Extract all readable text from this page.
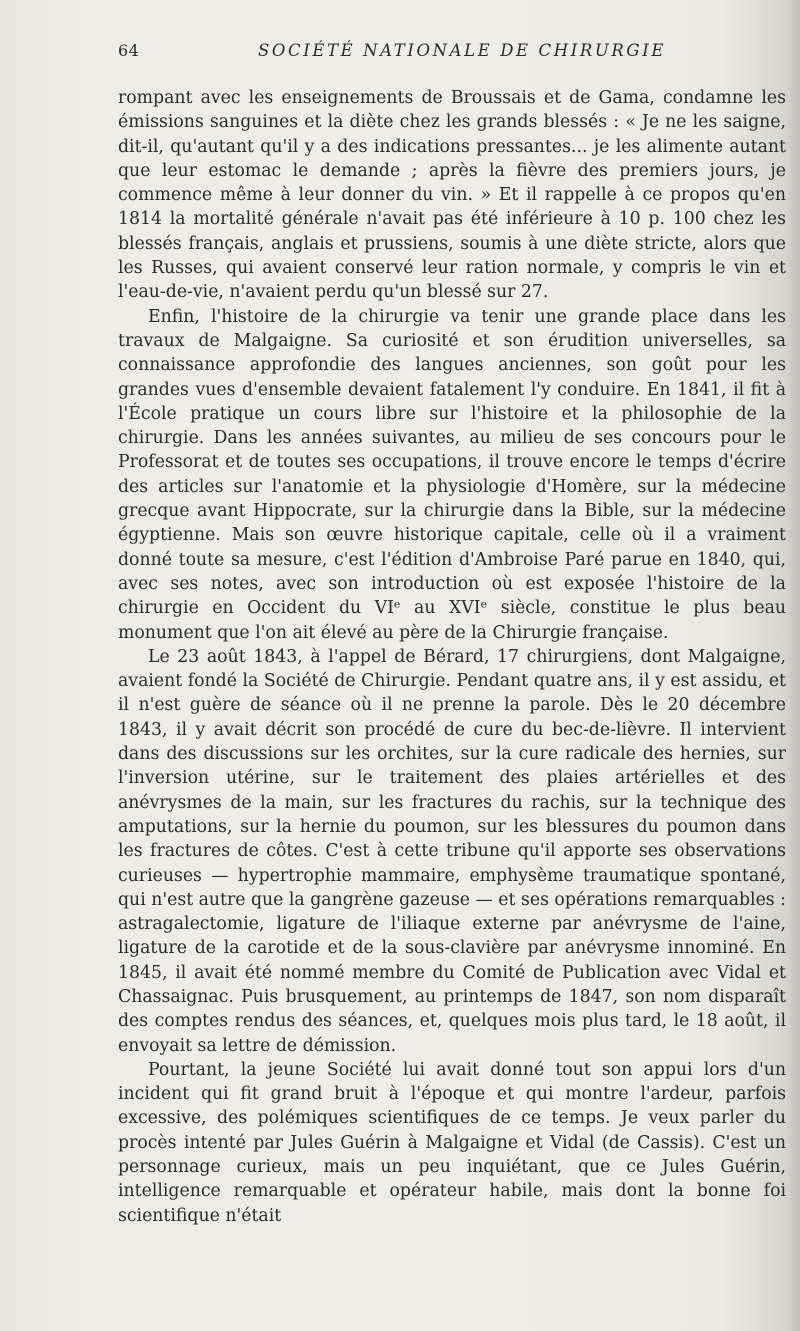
64	SOCIÉTÉ NATIONALE DE CHIRURGIE

rompant avec les enseignements de Broussais et de Gama, condamne les émissions sanguines et la diète chez les grands blessés : « Je ne les saigne, dit-il, qu'autant qu'il y a des indications pressantes... je les alimente autant que leur estomac le demande ; après la fièvre des premiers jours, je commence même à leur donner du vin. » Et il rappelle à ce propos qu'en 1814 la mortalité générale n'avait pas été inférieure à 10 p. 100 chez les blessés français, anglais et prussiens, soumis à une diète stricte, alors que les Russes, qui avaient conservé leur ration normale, y compris le vin et l'eau-de-vie, n'avaient perdu qu'un blessé sur 27.

Enfin, l'histoire de la chirurgie va tenir une grande place dans les travaux de Malgaigne. Sa curiosité et son érudition universelles, sa connaissance approfondie des langues anciennes, son goût pour les grandes vues d'ensemble devaient fatalement l'y conduire. En 1841, il fit à l'École pratique un cours libre sur l'histoire et la philosophie de la chirurgie. Dans les années suivantes, au milieu de ses concours pour le Professorat et de toutes ses occupations, il trouve encore le temps d'écrire des articles sur l'anatomie et la physiologie d'Homère, sur la médecine grecque avant Hippocrate, sur la chirurgie dans la Bible, sur la médecine égyptienne. Mais son œuvre historique capitale, celle où il a vraiment donné toute sa mesure, c'est l'édition d'Ambroise Paré parue en 1840, qui, avec ses notes, avec son introduction où est exposée l'histoire de la chirurgie en Occident du VIᵉ au XVIᵉ siècle, constitue le plus beau monument que l'on ait élevé au père de la Chirurgie française.

Le 23 août 1843, à l'appel de Bérard, 17 chirurgiens, dont Malgaigne, avaient fondé la Société de Chirurgie. Pendant quatre ans, il y est assidu, et il n'est guère de séance où il ne prenne la parole. Dès le 20 décembre 1843, il y avait décrit son procédé de cure du bec-de-lièvre. Il intervient dans des discussions sur les orchites, sur la cure radicale des hernies, sur l'inversion utérine, sur le traitement des plaies artérielles et des anévrysmes de la main, sur les fractures du rachis, sur la technique des amputations, sur la hernie du poumon, sur les blessures du poumon dans les fractures de côtes. C'est à cette tribune qu'il apporte ses observations curieuses — hypertrophie mammaire, emphysème traumatique spontané, qui n'est autre que la gangrène gazeuse — et ses opérations remarquables : astragalectomie, ligature de l'iliaque externe par anévrysme de l'aine, ligature de la carotide et de la sous-clavière par anévrysme innominé. En 1845, il avait été nommé membre du Comité de Publication avec Vidal et Chassaignac. Puis brusquement, au printemps de 1847, son nom disparaît des comptes rendus des séances, et, quelques mois plus tard, le 18 août, il envoyait sa lettre de démission.

Pourtant, la jeune Société lui avait donné tout son appui lors d'un incident qui fit grand bruit à l'époque et qui montre l'ardeur, parfois excessive, des polémiques scientifiques de ce temps. Je veux parler du procès intenté par Jules Guérin à Malgaigne et Vidal (de Cassis). C'est un personnage curieux, mais un peu inquiétant, que ce Jules Guérin, intelligence remarquable et opérateur habile, mais dont la bonne foi scientifique n'était
